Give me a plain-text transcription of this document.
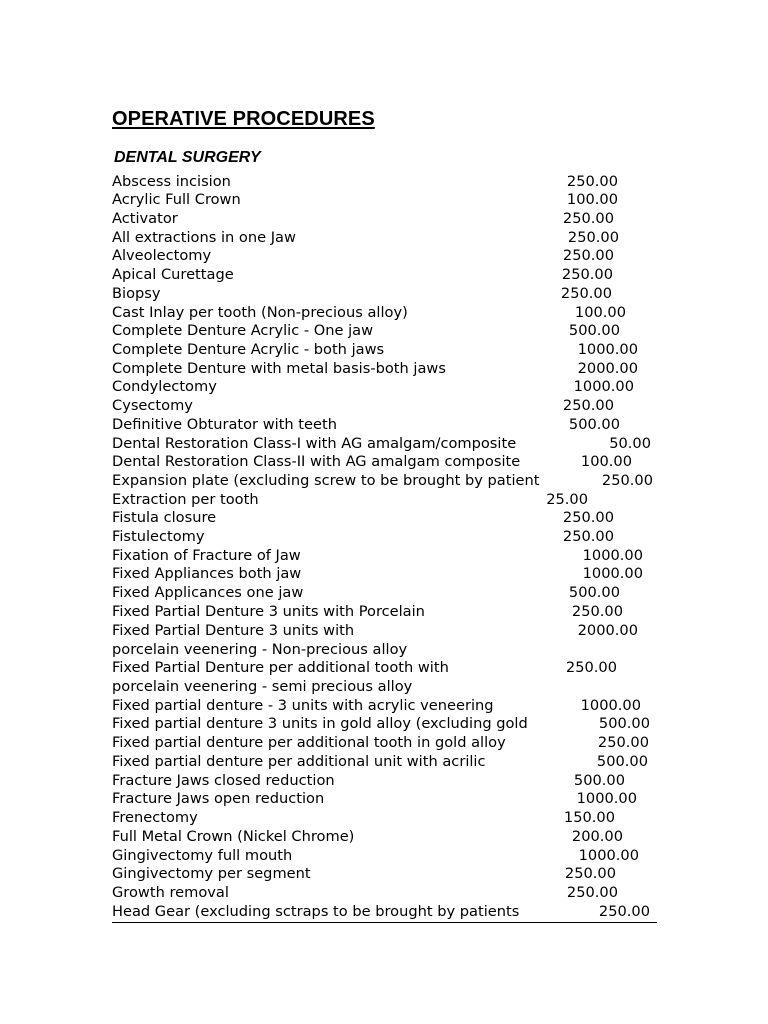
OPERATIVE PROCEDURES
DENTAL SURGERY
Abscess incision	250.00
Acrylic Full Crown	100.00
Activator	250.00
All extractions in one Jaw	250.00
Alveolectomy	250.00
Apical Curettage	250.00
Biopsy	250.00
Cast Inlay per tooth (Non-precious alloy)	100.00
Complete Denture Acrylic - One jaw	500.00
Complete Denture Acrylic - both jaws	1000.00
Complete Denture with metal basis-both jaws	2000.00
Condylectomy	1000.00
Cysectomy	250.00
Definitive Obturator with teeth	500.00
Dental Restoration Class-I with AG amalgam/composite	50.00
Dental Restoration Class-II with AG amalgam composite	100.00
Expansion plate (excluding screw to be brought by patient	250.00
Extraction per tooth	25.00
Fistula closure	250.00
Fistulectomy	250.00
Fixation of Fracture of Jaw	1000.00
Fixed Appliances both jaw	1000.00
Fixed Applicances one jaw	500.00
Fixed Partial Denture 3 units with Porcelain	250.00
Fixed Partial Denture 3 units with	2000.00
porcelain veenering - Non-precious alloy
Fixed Partial Denture per additional tooth with	250.00
porcelain veenering - semi precious alloy
Fixed partial denture - 3 units with acrylic veneering	1000.00
Fixed partial denture 3 units in gold alloy (excluding gold	500.00
Fixed partial denture per additional tooth in gold alloy	250.00
Fixed partial denture per additional unit with acrilic	500.00
Fracture Jaws closed reduction	500.00
Fracture Jaws open reduction	1000.00
Frenectomy	150.00
Full Metal Crown (Nickel Chrome)	200.00
Gingivectomy full mouth	1000.00
Gingivectomy per segment	250.00
Growth removal	250.00
Head Gear (excluding sctraps to be brought by patients	250.00
